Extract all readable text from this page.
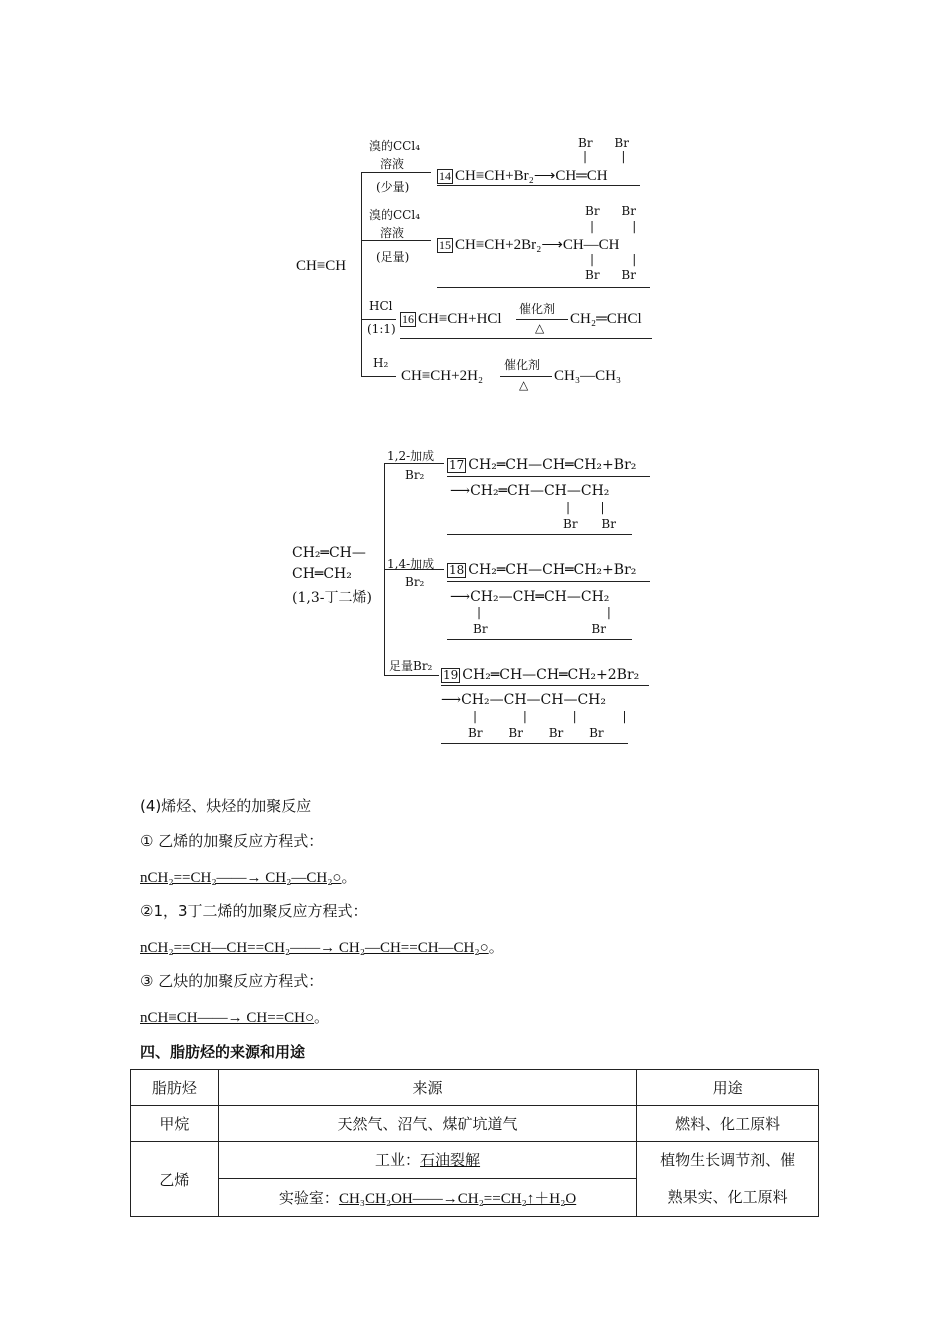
CH≡CH
溴的CCl₄
溶液
(少量)
Br Br
|         |
14 CH≡CH+Br₂⟶CH═CH
溴的CCl₄
溶液
(足量)
Br Br
|          |
15 CH≡CH+2Br₂⟶CH—CH
|          |
Br Br
HCl
(1:1)
16 CH≡CH+HCl
催化剂
△
CH₂═CHCl
H₂
CH≡CH+2H₂
催化剂
△
CH₃—CH₃
CH₂═CH—
CH═CH₂
(1,3-丁二烯)
1,2-加成
Br₂
17 CH₂═CH—CH═CH₂+Br₂
⟶CH₂═CH—CH—CH₂
|        |
Br Br
1,4-加成
Br₂
18 CH₂═CH—CH═CH₂+Br₂
⟶CH₂—CH═CH—CH₂
|                                 |
Br Br
足量Br₂
19 CH₂═CH—CH═CH₂+2Br₂
⟶CH₂—CH—CH—CH₂
|            |            |            |
Br Br Br Br
(4)烯烃、炔烃的加聚反应
① 乙烯的加聚反应方程式：
nCH₂==CH₂——→ CH₂—CH₂○。
②1，3丁二烯的加聚反应方程式：
nCH₂==CH—CH==CH₂——→ CH₂—CH==CH—CH₂○。
③ 乙炔的加聚反应方程式：
nCH≡CH——→ CH==CH○。
四、脂肪烃的来源和用途
脂肪烃	来源	用途
甲烷	天然气、沼气、煤矿坑道气	燃料、化工原料
乙烯	工业：石油裂解	植物生长调节剂、催
熟果实、化工原料
	实验室：CH₃CH₂OH——→CH₂==CH₂↑＋H₂O	
